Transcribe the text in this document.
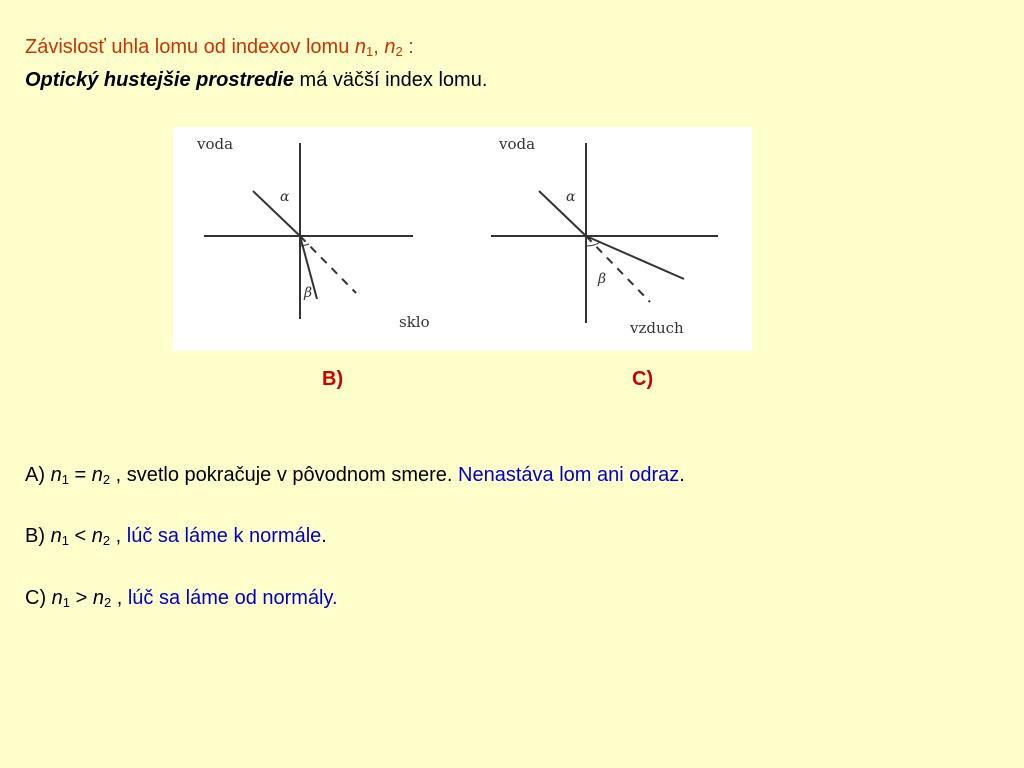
Závislosť uhla lomu od indexov lomu $n_1$, $n_2$ :
Optický hustejšie prostredie má väčší index lomu.
voda
sklo
α
β
voda
vzduch
α
β
B)	C)
A) $n_1 = n_2$ , svetlo pokračuje v pôvodnom smere. Nenastáva lom ani odraz.
B) $n_1 < n_2$ , lúč sa láme k normále.
C) $n_1 > n_2$ , lúč sa láme od normály.
